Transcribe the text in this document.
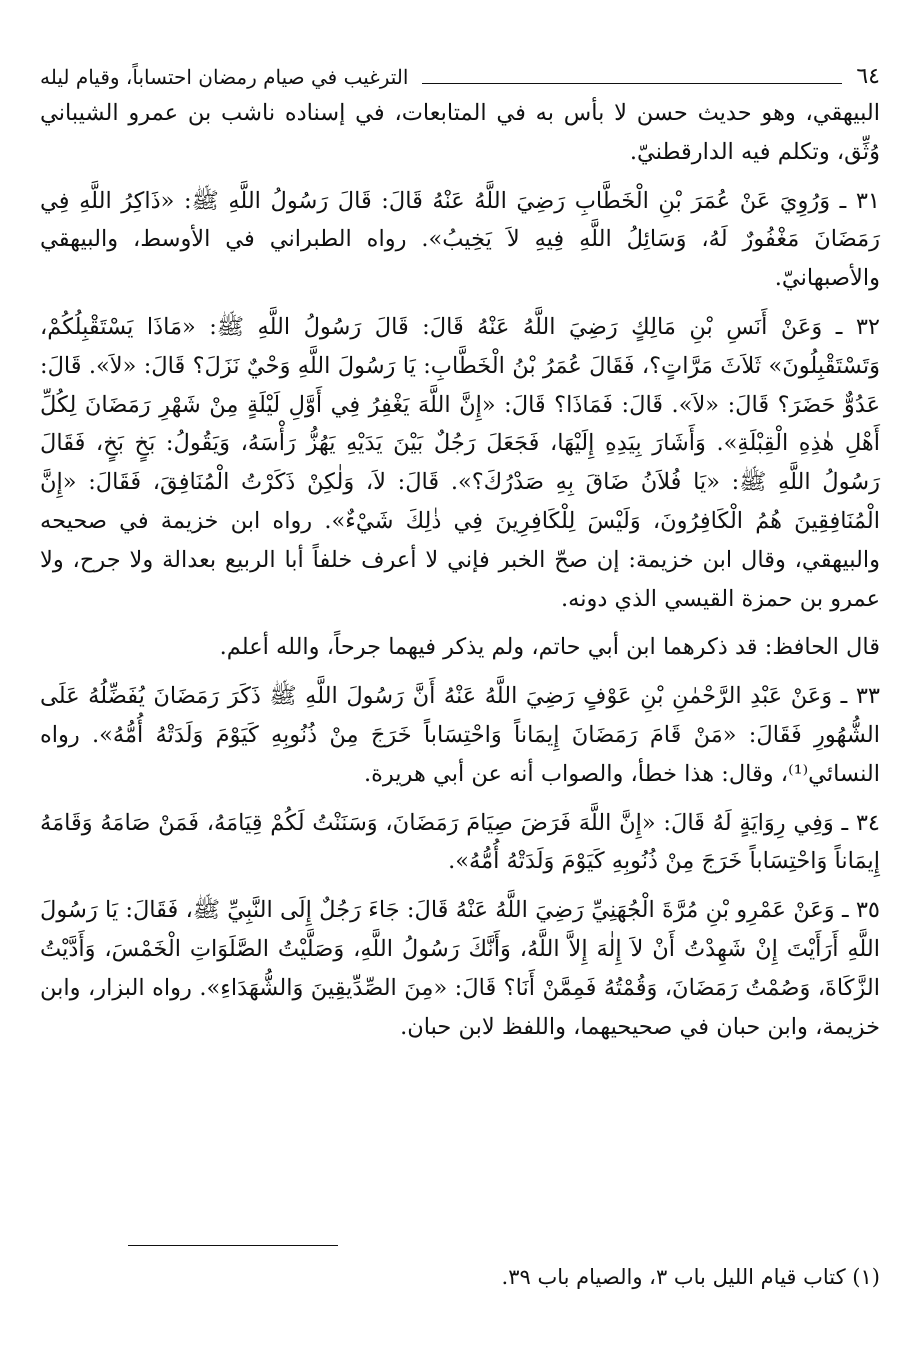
٦٤
الترغيب في صيام رمضان احتساباً، وقيام ليله

البيهقي، وهو حديث حسن لا بأس به في المتابعات، في إسناده ناشب بن عمرو الشيباني وُثِّق، وتكلم فيه الدارقطنيّ.

٣١ ـ وَرُوِيَ عَنْ عُمَرَ بْنِ الْخَطَّابِ رَضِيَ اللَّهُ عَنْهُ قَالَ: قَالَ رَسُولُ اللَّهِ ﷺ: «ذَاكِرُ اللَّهِ فِي رَمَضَانَ مَغْفُورٌ لَهُ، وَسَائِلُ اللَّهِ فِيهِ لاَ يَخِيبُ». رواه الطبراني في الأوسط، والبيهقي والأصبهانيّ.

٣٢ ـ وَعَنْ أَنَسِ بْنِ مَالِكٍ رَضِيَ اللَّهُ عَنْهُ قَالَ: قَالَ رَسُولُ اللَّهِ ﷺ: «مَاذَا يَسْتَقْبِلُكُمْ، وَتَسْتَقْبِلُونَ» ثَلاَثَ مَرَّاتٍ؟، فَقَالَ عُمَرُ بْنُ الْخَطَّابِ: يَا رَسُولَ اللَّهِ وَحْيٌ نَزَلَ؟ قَالَ: «لاَ». قَالَ: عَدُوٌّ حَضَرَ؟ قَالَ: «لاَ». قَالَ: فَمَاذَا؟ قَالَ: «إِنَّ اللَّهَ يَغْفِرُ فِي أَوَّلِ لَيْلَةٍ مِنْ شَهْرِ رَمَضَانَ لِكُلِّ أَهْلِ هٰذِهِ الْقِبْلَةِ». وَأَشَارَ بِيَدِهِ إِلَيْهَا، فَجَعَلَ رَجُلٌ بَيْنَ يَدَيْهِ يَهُزُّ رَأْسَهُ، وَيَقُولُ: بَخٍ بَخٍ، فَقَالَ رَسُولُ اللَّهِ ﷺ: «يَا فُلاَنُ ضَاقَ بِهِ صَدْرُكَ؟». قَالَ: لاَ، وَلٰكِنْ ذَكَرْتُ الْمُنَافِقَ، فَقَالَ: «إِنَّ الْمُنَافِقِينَ هُمُ الْكَافِرُونَ، وَلَيْسَ لِلْكَافِرِينَ فِي ذٰلِكَ شَيْءٌ». رواه ابن خزيمة في صحيحه والبيهقي، وقال ابن خزيمة: إن صحّ الخبر فإني لا أعرف خلفاً أبا الربيع بعدالة ولا جرح، ولا عمرو بن حمزة القيسي الذي دونه.

قال الحافظ: قد ذكرهما ابن أبي حاتم، ولم يذكر فيهما جرحاً، والله أعلم.

٣٣ ـ وَعَنْ عَبْدِ الرَّحْمٰنِ بْنِ عَوْفٍ رَضِيَ اللَّهُ عَنْهُ أَنَّ رَسُولَ اللَّهِ ﷺ ذَكَرَ رَمَضَانَ يُفَضِّلُهُ عَلَى الشُّهُورِ فَقَالَ: «مَنْ قَامَ رَمَضَانَ إِيمَاناً وَاحْتِسَاباً خَرَجَ مِنْ ذُنُوبِهِ كَيَوْمَ وَلَدَتْهُ أُمُّهُ». رواه النسائي⁽¹⁾، وقال: هذا خطأ، والصواب أنه عن أبي هريرة.

٣٤ ـ وَفِي رِوَايَةٍ لَهُ قَالَ: «إِنَّ اللَّهَ فَرَضَ صِيَامَ رَمَضَانَ، وَسَنَنْتُ لَكُمْ قِيَامَهُ، فَمَنْ صَامَهُ وَقَامَهُ إِيمَاناً وَاحْتِسَاباً خَرَجَ مِنْ ذُنُوبِهِ كَيَوْمَ وَلَدَتْهُ أُمُّهُ».

٣٥ ـ وَعَنْ عَمْرِو بْنِ مُرَّةَ الْجُهَنِيِّ رَضِيَ اللَّهُ عَنْهُ قَالَ: جَاءَ رَجُلٌ إِلَى النَّبِيِّ ﷺ، فَقَالَ: يَا رَسُولَ اللَّهِ أَرَأَيْتَ إِنْ شَهِدْتُ أَنْ لاَ إِلٰهَ إِلاَّ اللَّهُ، وَأَنَّكَ رَسُولُ اللَّهِ، وَصَلَّيْتُ الصَّلَوَاتِ الْخَمْسَ، وَأَدَّيْتُ الزَّكَاةَ، وَصُمْتُ رَمَضَانَ، وَقُمْتُهُ فَمِمَّنْ أَنَا؟ قَالَ: «مِنَ الصِّدِّيقِينَ وَالشُّهَدَاءِ». رواه البزار، وابن خزيمة، وابن حبان في صحيحيهما، واللفظ لابن حبان.

(١) كتاب قيام الليل باب ٣، والصيام باب ٣٩.
